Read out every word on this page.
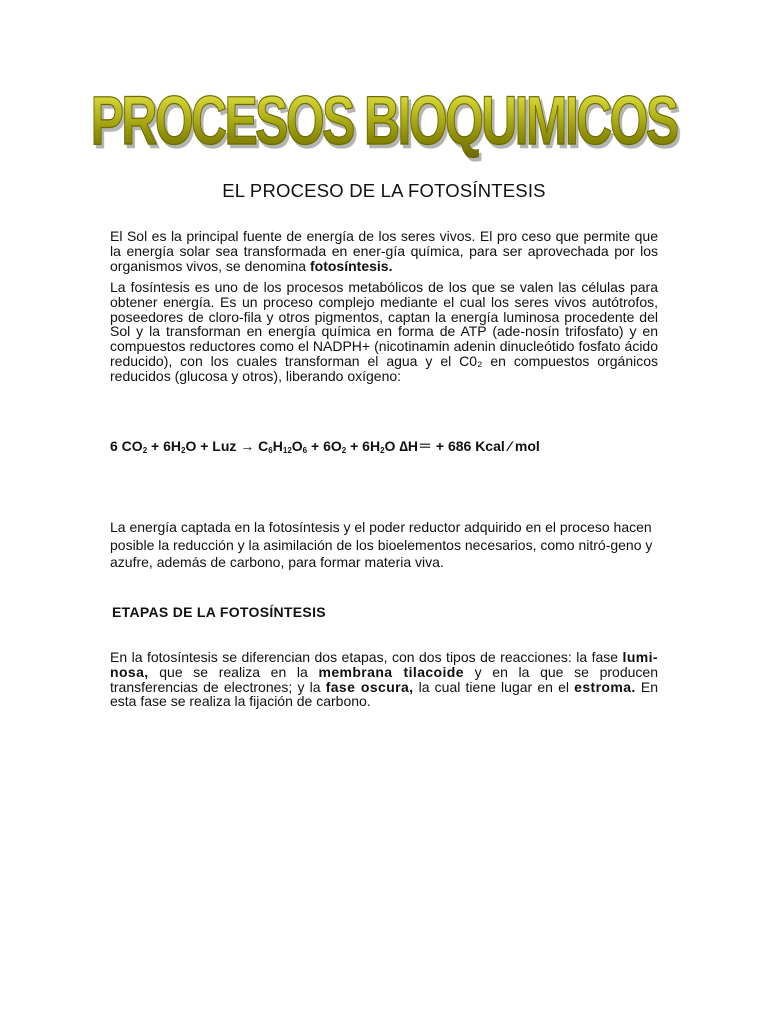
PROCESOS BIOQUIMICOS
EL PROCESO DE LA FOTOSÍNTESIS

El Sol es la principal fuente de energía de los seres vivos. El pro ceso que permite que la energía solar sea transformada en ener-gía química, para ser aprovechada por los organismos vivos, se denomina fotosíntesis.

La fosíntesis es uno de los procesos metabólicos de los que se valen las células para obtener energía. Es un proceso complejo mediante el cual los seres vivos autótrofos, poseedores de cloro-fila y otros pigmentos, captan la energía luminosa procedente del Sol y la transforman en energía química en forma de ATP (ade-nosín trifosfato) y en compuestos reductores como el NADPH+ (nicotinamin adenin dinucleótido fosfato ácido reducido), con los cuales transforman el agua y el C0₂ en compuestos orgánicos reducidos (glucosa y otros), liberando oxígeno:

6 $CO_2 + 6H_2O$ + Luz → $C_6H_{12}O_6 + 6O_2 + 6H_2O$ ∆H＝ + 686 Kcal ∕ mol

La energía captada en la fotosíntesis y el poder reductor adquirido en el proceso hacen posible la reducción y la asimilación de los bioelementos necesarios, como nitró-geno y azufre, además de carbono, para formar materia viva.

ETAPAS DE LA FOTOSÍNTESIS

En la fotosíntesis se diferencian dos etapas, con dos tipos de reacciones: la fase lumi-nosa, que se realiza en la membrana tilacoide y en la que se producen transferencias de electrones; y la fase oscura, la cual tiene lugar en el estroma. En esta fase se realiza la fijación de carbono.
